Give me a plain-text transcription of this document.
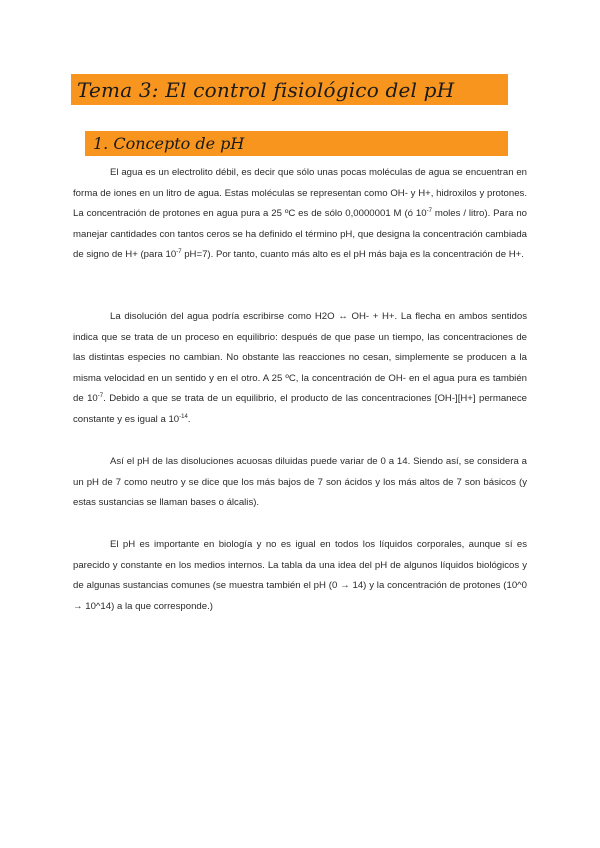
Tema 3: El control fisiológico del pH
1. Concepto de pH

El agua es un electrolito débil, es decir que sólo unas pocas moléculas de agua se encuentran en forma de iones en un litro de agua. Estas moléculas se representan como OH- y H+, hidroxilos y protones. La concentración de protones en agua pura a 25 ºC es de sólo 0,0000001 M (ó $10^{-7}$ moles / litro). Para no manejar cantidades con tantos ceros se ha definido el término pH, que designa la concentración cambiada de signo de H+ (para $10^{-7}$ pH=7). Por tanto, cuanto más alto es el pH más baja es la concentración de H+.

La disolución del agua podría escribirse como H2O ↔ OH- + H+. La flecha en ambos sentidos indica que se trata de un proceso en equilibrio: después de que pase un tiempo, las concentraciones de las distintas especies no cambian. No obstante las reacciones no cesan, simplemente se producen a la misma velocidad en un sentido y en el otro. A 25 ºC, la concentración de OH- en el agua pura es también de $10^{-7}$. Debido a que se trata de un equilibrio, el producto de las concentraciones [OH-][H+] permanece constante y es igual a $10^{-14}$.

Así el pH de las disoluciones acuosas diluidas puede variar de 0 a 14. Siendo así, se considera a un pH de 7 como neutro y se dice que los más bajos de 7 son ácidos y los más altos de 7 son básicos (y estas sustancias se llaman bases o álcalis).

El pH es importante en biología y no es igual en todos los líquidos corporales, aunque sí es parecido y constante en los medios internos. La tabla da una idea del pH de algunos líquidos biológicos y de algunas sustancias comunes (se muestra también el pH (0 → 14) y la concentración de protones (10^0 → 10^14) a la que corresponde.)
